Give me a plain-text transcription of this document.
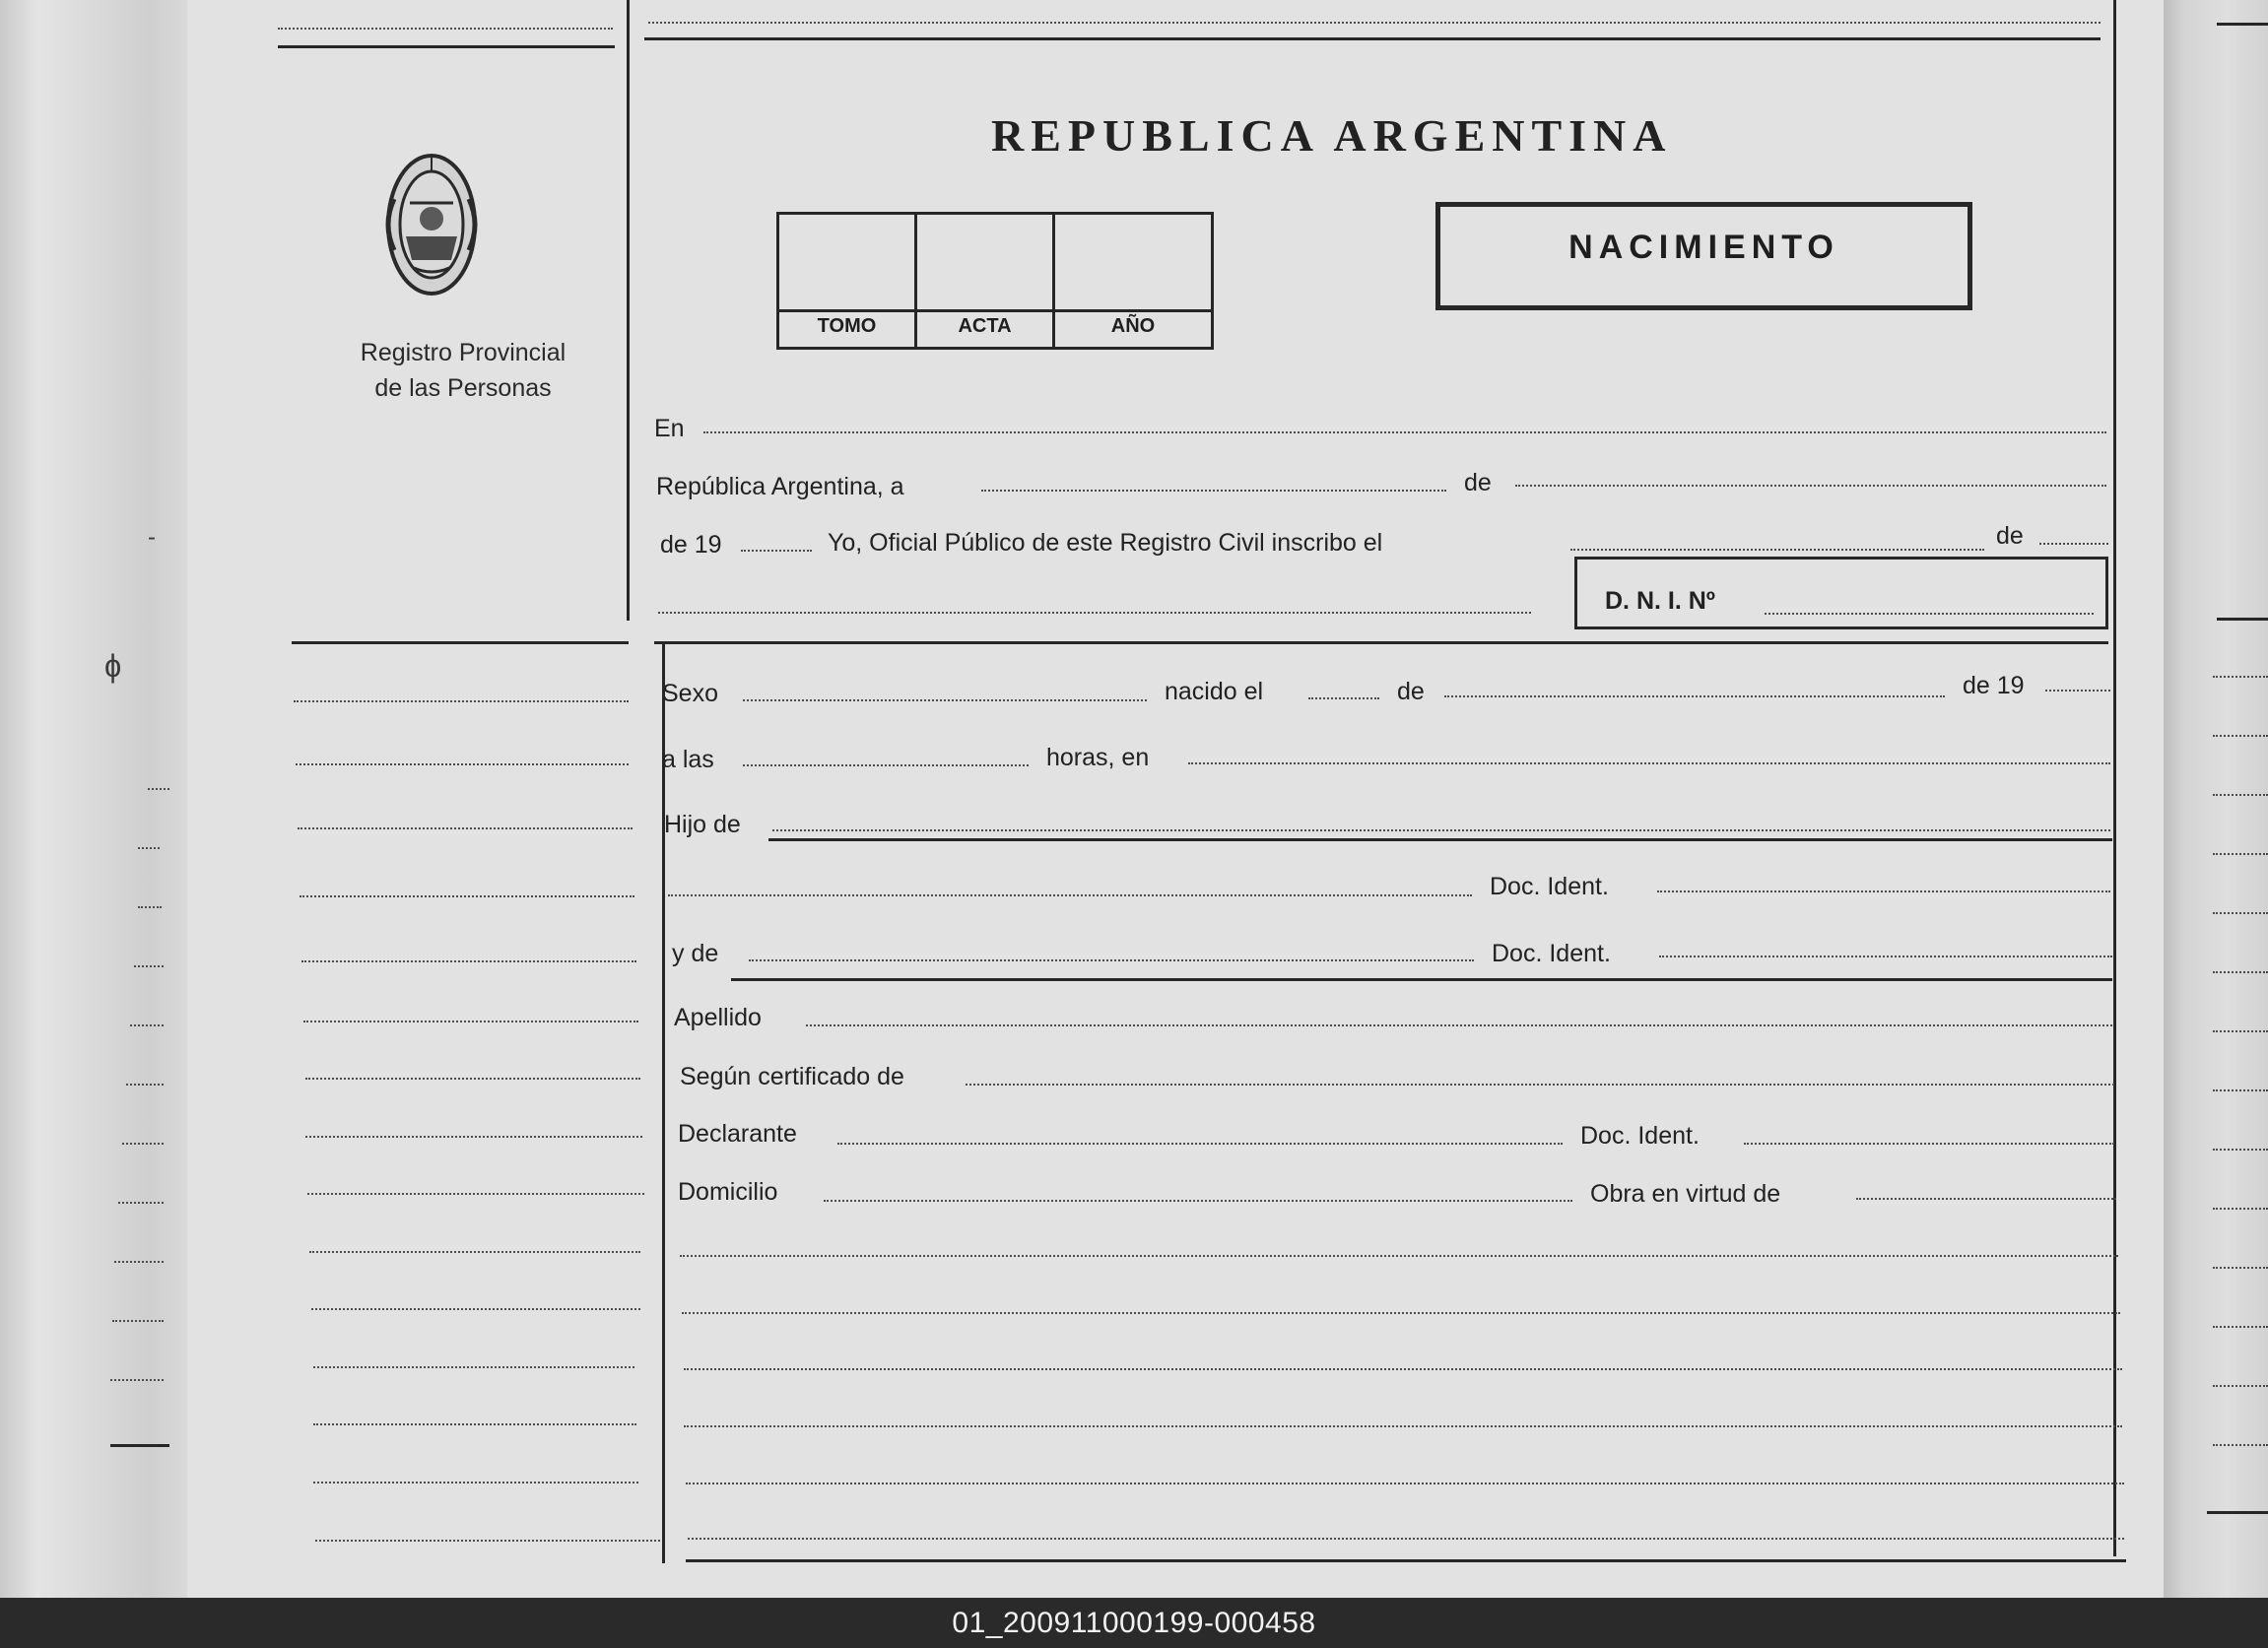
-
ᶲ
Registro Provincial
de las Personas
REPUBLICA ARGENTINA
TOMO	ACTA	AÑO
NACIMIENTO
En
República Argentina, a	de
de 19	Yo, Oficial Público de este Registro Civil inscribo el	de
D. N. I. Nº
Sexo	nacido el	de	de 19
a las	horas, en
Hijo de
Doc. Ident.
y de	Doc. Ident.
Apellido
Según certificado de
Declarante	Doc. Ident.
Domicilio	Obra en virtud de
01_200911000199-000458
